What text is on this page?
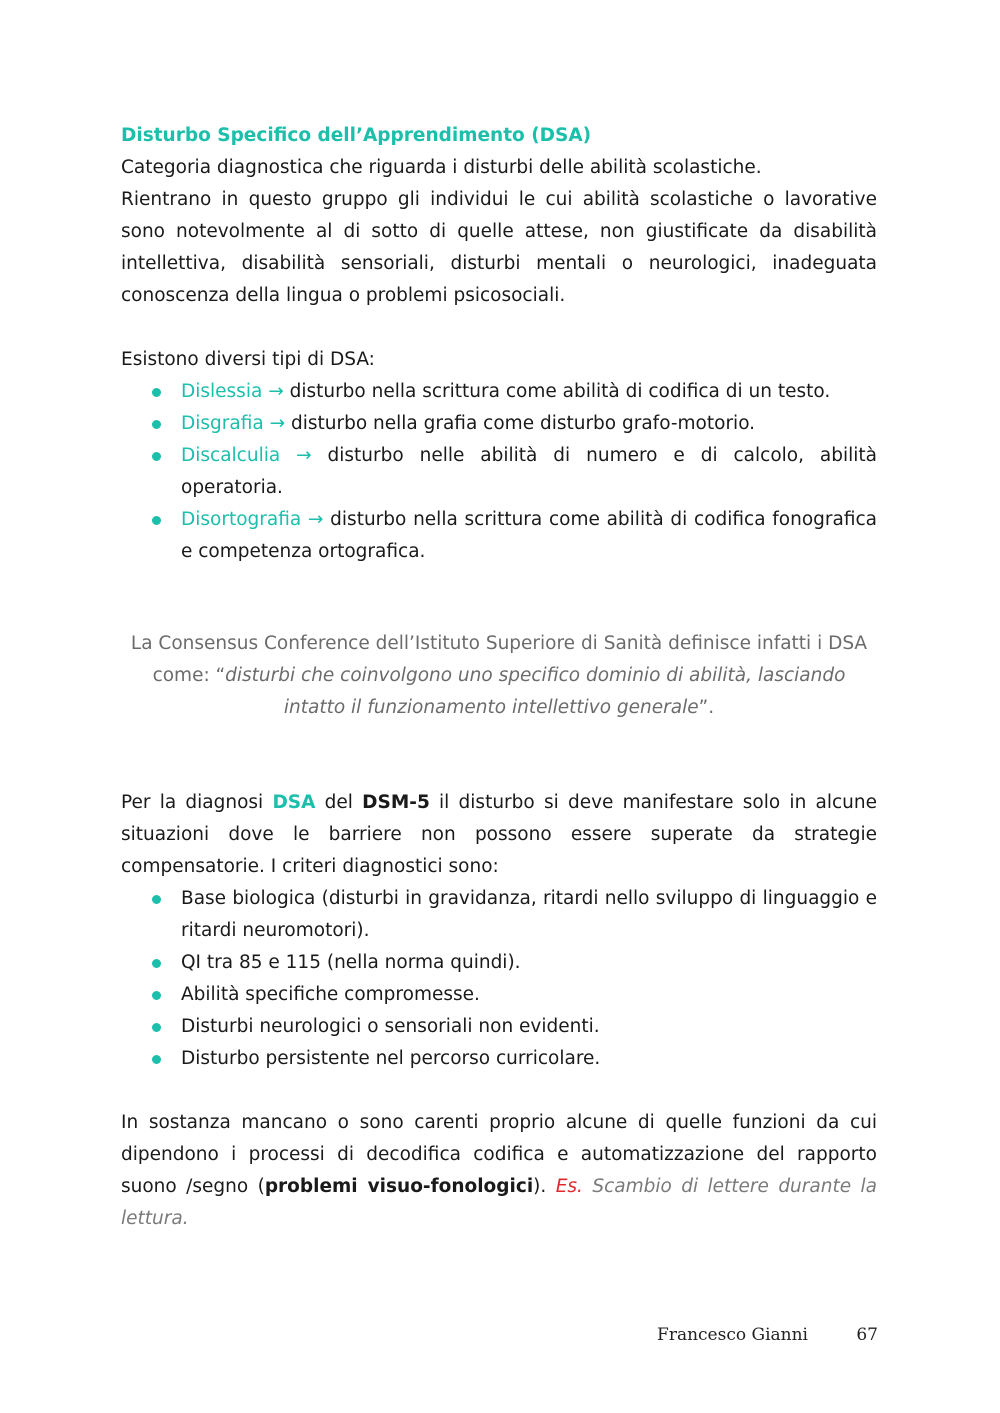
Disturbo Specifico dell’Apprendimento (DSA)

Categoria diagnostica che riguarda i disturbi delle abilità scolastiche.

Rientrano in questo gruppo gli individui le cui abilità scolastiche o lavorative sono notevolmente al di sotto di quelle attese, non giustificate da disabilità intellettiva, disabilità sensoriali, disturbi mentali o neurologici, inadeguata conoscenza della lingua o problemi psicosociali.

Esistono diversi tipi di DSA:

Dislessia → disturbo nella scrittura come abilità di codifica di un testo.
Disgrafia → disturbo nella grafia come disturbo grafo-motorio.
Discalculia → disturbo nelle abilità di numero e di calcolo, abilità operatoria.
Disortografia → disturbo nella scrittura come abilità di codifica fonografica e competenza ortografica.

La Consensus Conference dell’Istituto Superiore di Sanità definisce infatti i DSA come: “disturbi che coinvolgono uno specifico dominio di abilità, lasciando intatto il funzionamento intellettivo generale”.

Per la diagnosi DSA del DSM-5 il disturbo si deve manifestare solo in alcune situazioni dove le barriere non possono essere superate da strategie compensatorie. I criteri diagnostici sono:

Base biologica (disturbi in gravidanza, ritardi nello sviluppo di linguaggio e ritardi neuromotori).
QI tra 85 e 115 (nella norma quindi).
Abilità specifiche compromesse.
Disturbi neurologici o sensoriali non evidenti.
Disturbo persistente nel percorso curricolare.

In sostanza mancano o sono carenti proprio alcune di quelle funzioni da cui dipendono i processi di decodifica codifica e automatizzazione del rapporto suono /segno (problemi visuo-fonologici). Es. Scambio di lettere durante la lettura.

Francesco Gianni	67
